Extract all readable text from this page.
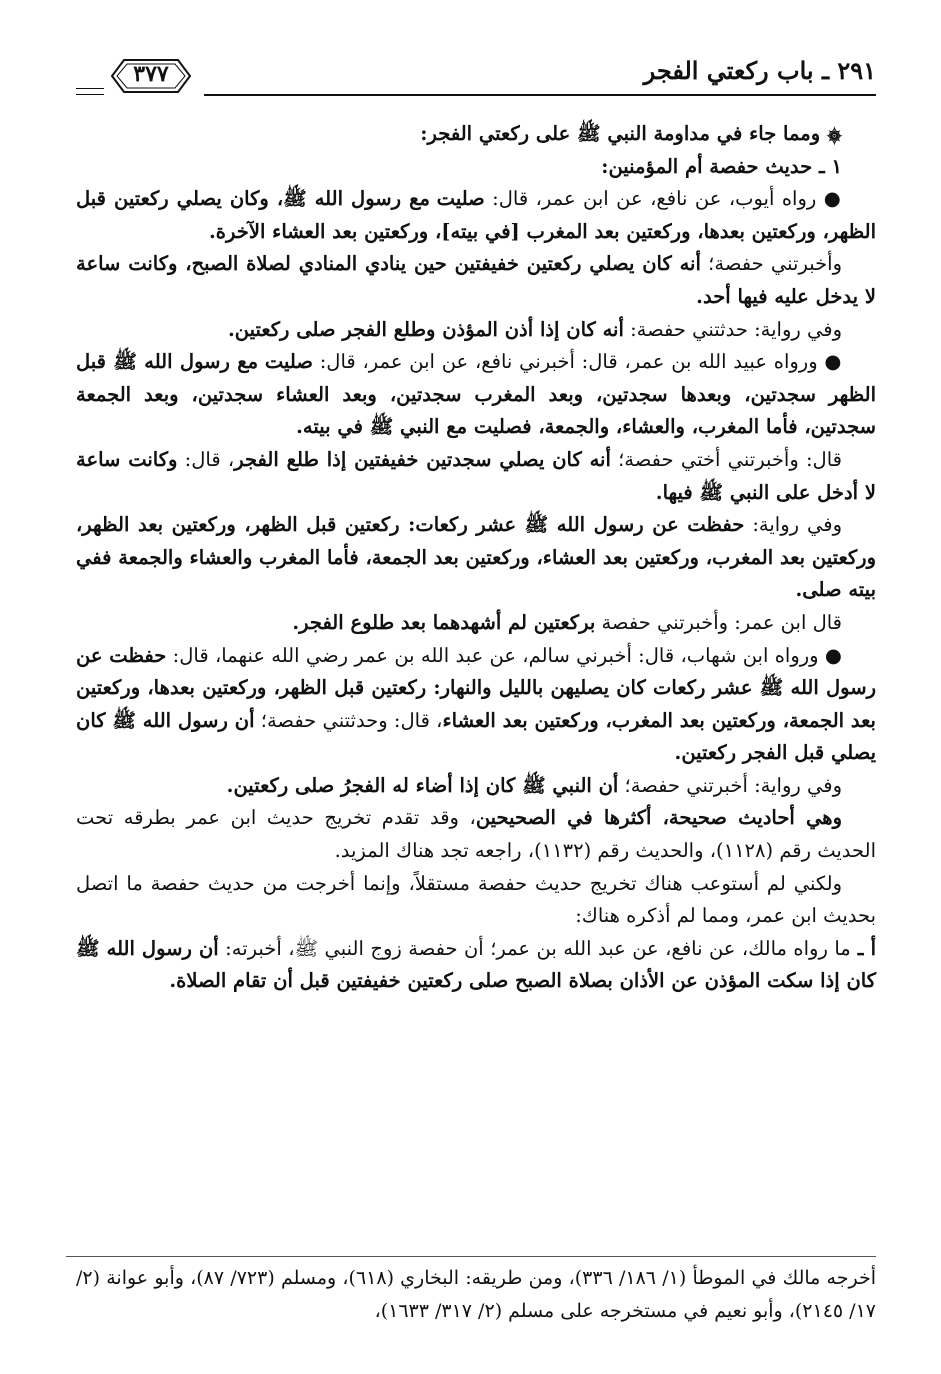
٢٩١ ـ باب ركعتي الفجر
٣٧٧

۞ ومما جاء في مداومة النبي ﷺ على ركعتي الفجر:

١ ـ حديث حفصة أم المؤمنين:

● رواه أيوب، عن نافع، عن ابن عمر، قال: صليت مع رسول الله ﷺ، وكان يصلي ركعتين قبل الظهر، وركعتين بعدها، وركعتين بعد المغرب [في بيته]، وركعتين بعد العشاء الآخرة.

وأخبرتني حفصة؛ أنه كان يصلي ركعتين خفيفتين حين ينادي المنادي لصلاة الصبح، وكانت ساعة لا يدخل عليه فيها أحد.

وفي رواية: حدثتني حفصة: أنه كان إذا أذن المؤذن وطلع الفجر صلى ركعتين.

● ورواه عبيد الله بن عمر، قال: أخبرني نافع، عن ابن عمر، قال: صليت مع رسول الله ﷺ قبل الظهر سجدتين، وبعدها سجدتين، وبعد المغرب سجدتين، وبعد العشاء سجدتين، وبعد الجمعة سجدتين، فأما المغرب، والعشاء، والجمعة، فصليت مع النبي ﷺ في بيته.

قال: وأخبرتني أختي حفصة؛ أنه كان يصلي سجدتين خفيفتين إذا طلع الفجر، قال: وكانت ساعة لا أدخل على النبي ﷺ فيها.

وفي رواية: حفظت عن رسول الله ﷺ عشر ركعات: ركعتين قبل الظهر، وركعتين بعد الظهر، وركعتين بعد المغرب، وركعتين بعد العشاء، وركعتين بعد الجمعة، فأما المغرب والعشاء والجمعة ففي بيته صلى.

قال ابن عمر: وأخبرتني حفصة بركعتين لم أشهدهما بعد طلوع الفجر.

● ورواه ابن شهاب، قال: أخبرني سالم، عن عبد الله بن عمر رضي الله عنهما، قال: حفظت عن رسول الله ﷺ عشر ركعات كان يصليهن بالليل والنهار: ركعتين قبل الظهر، وركعتين بعدها، وركعتين بعد الجمعة، وركعتين بعد المغرب، وركعتين بعد العشاء، قال: وحدثتني حفصة؛ أن رسول الله ﷺ كان يصلي قبل الفجر ركعتين.

وفي رواية: أخبرتني حفصة؛ أن النبي ﷺ كان إذا أضاء له الفجرُ صلى ركعتين.

وهي أحاديث صحيحة، أكثرها في الصحيحين، وقد تقدم تخريج حديث ابن عمر بطرقه تحت الحديث رقم (١١٢٨)، والحديث رقم (١١٣٢)، راجعه تجد هناك المزيد.

ولكني لم أستوعب هناك تخريج حديث حفصة مستقلاً، وإنما أخرجت من حديث حفصة ما اتصل بحديث ابن عمر، ومما لم أذكره هناك:

أ ـ ما رواه مالك، عن نافع، عن عبد الله بن عمر؛ أن حفصة زوج النبي ﷺ، أخبرته: أن رسول الله ﷺ كان إذا سكت المؤذن عن الأذان بصلاة الصبح صلى ركعتين خفيفتين قبل أن تقام الصلاة.

أخرجه مالك في الموطأ (١/ ١٨٦/ ٣٣٦)، ومن طريقه: البخاري (٦١٨)، ومسلم (٧٢٣/ ٨٧)، وأبو عوانة (٢/ ١٧/ ٢١٤٥)، وأبو نعيم في مستخرجه على مسلم (٢/ ٣١٧/ ١٦٣٣)،
